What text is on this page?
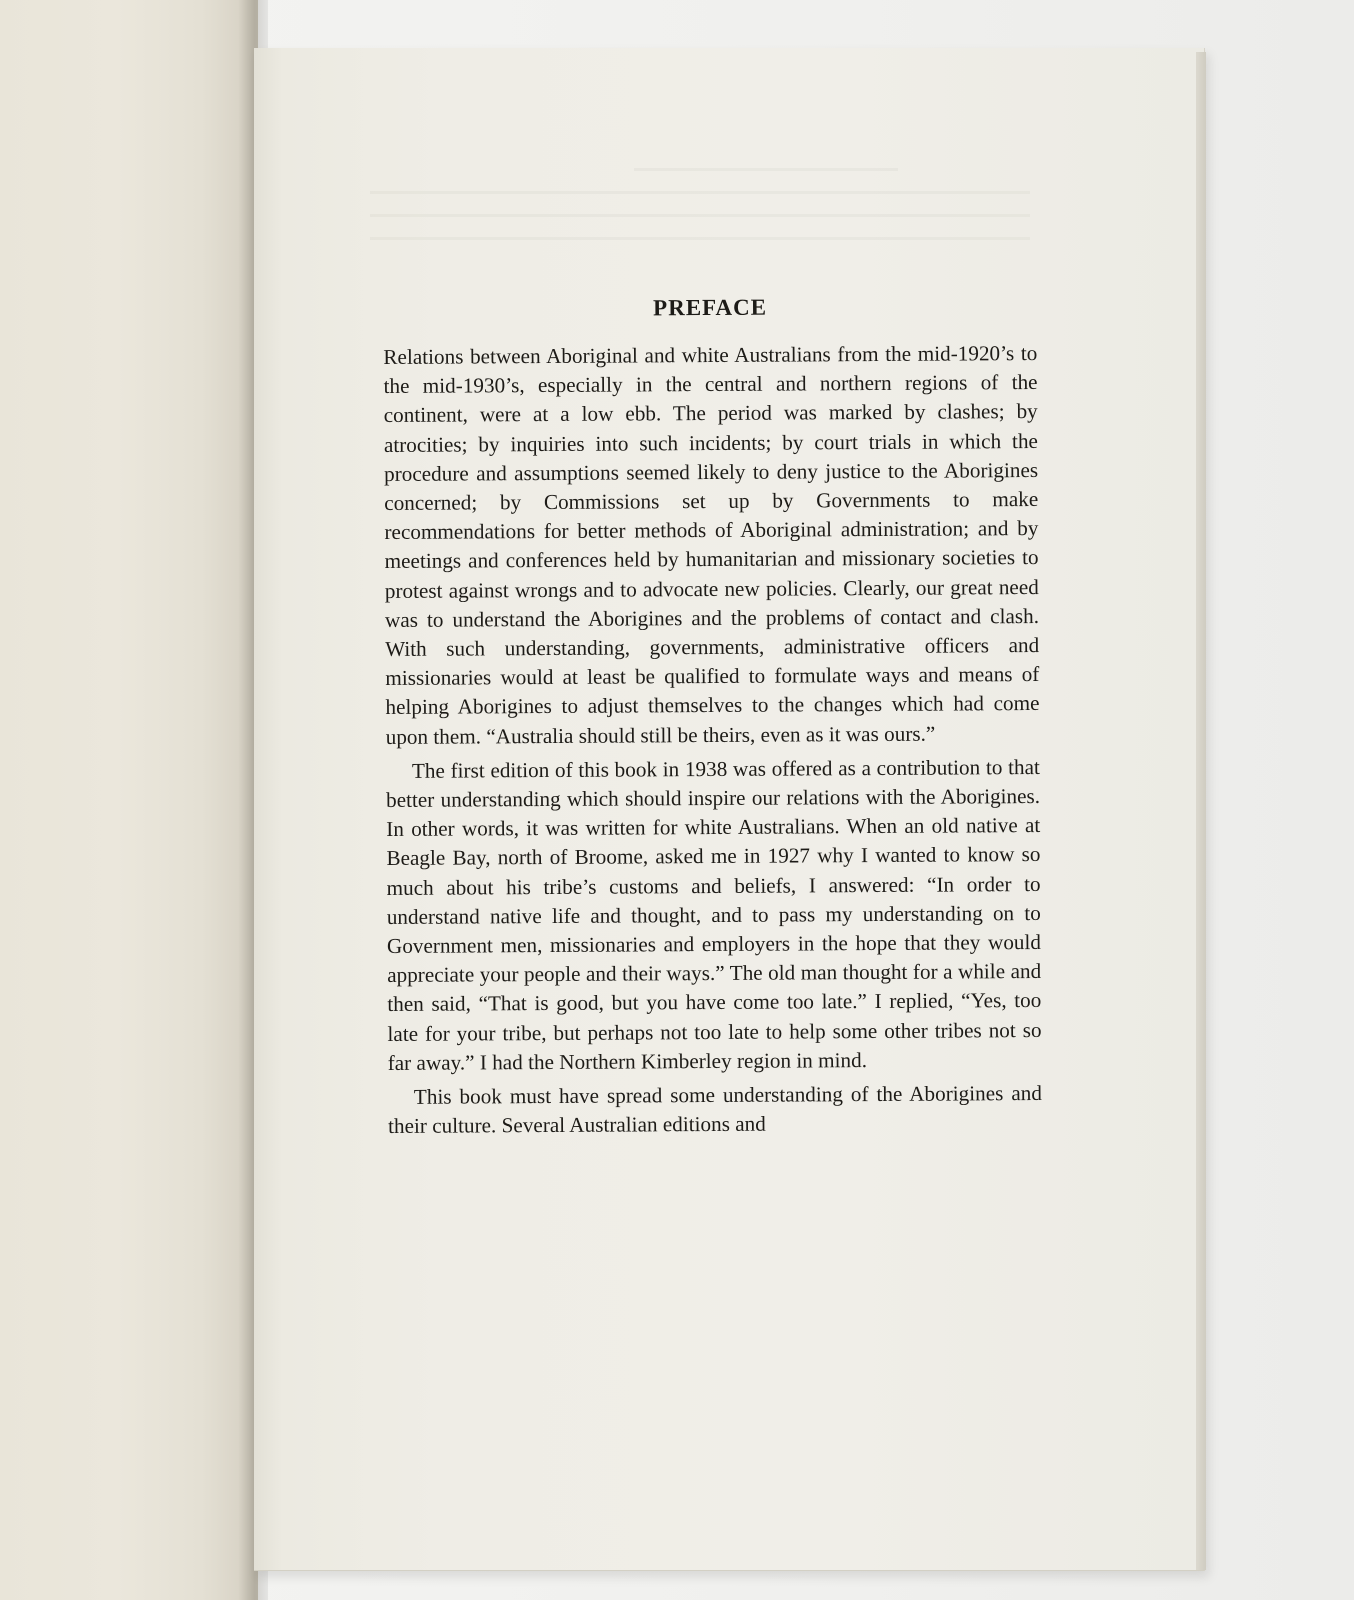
PREFACE

Relations between Aboriginal and white Australians from the mid-1920’s to the mid-1930’s, especially in the central and northern regions of the continent, were at a low ebb. The period was marked by clashes; by atrocities; by inquiries into such incidents; by court trials in which the procedure and assumptions seemed likely to deny justice to the Aborigines concerned; by Commissions set up by Governments to make recommendations for better methods of Aboriginal administration; and by meetings and conferences held by humanitarian and missionary societies to protest against wrongs and to advocate new policies. Clearly, our great need was to understand the Aborigines and the problems of contact and clash. With such understanding, governments, administrative officers and missionaries would at least be qualified to formulate ways and means of helping Aborigines to adjust themselves to the changes which had come upon them. “Australia should still be theirs, even as it was ours.”

The first edition of this book in 1938 was offered as a contribution to that better understanding which should inspire our relations with the Aborigines. In other words, it was written for white Australians. When an old native at Beagle Bay, north of Broome, asked me in 1927 why I wanted to know so much about his tribe’s customs and beliefs, I answered: “In order to understand native life and thought, and to pass my understanding on to Government men, missionaries and employers in the hope that they would appreciate your people and their ways.” The old man thought for a while and then said, “That is good, but you have come too late.” I replied, “Yes, too late for your tribe, but perhaps not too late to help some other tribes not so far away.” I had the Northern Kimberley region in mind.

This book must have spread some understanding of the Aborigines and their culture. Several Australian editions and
